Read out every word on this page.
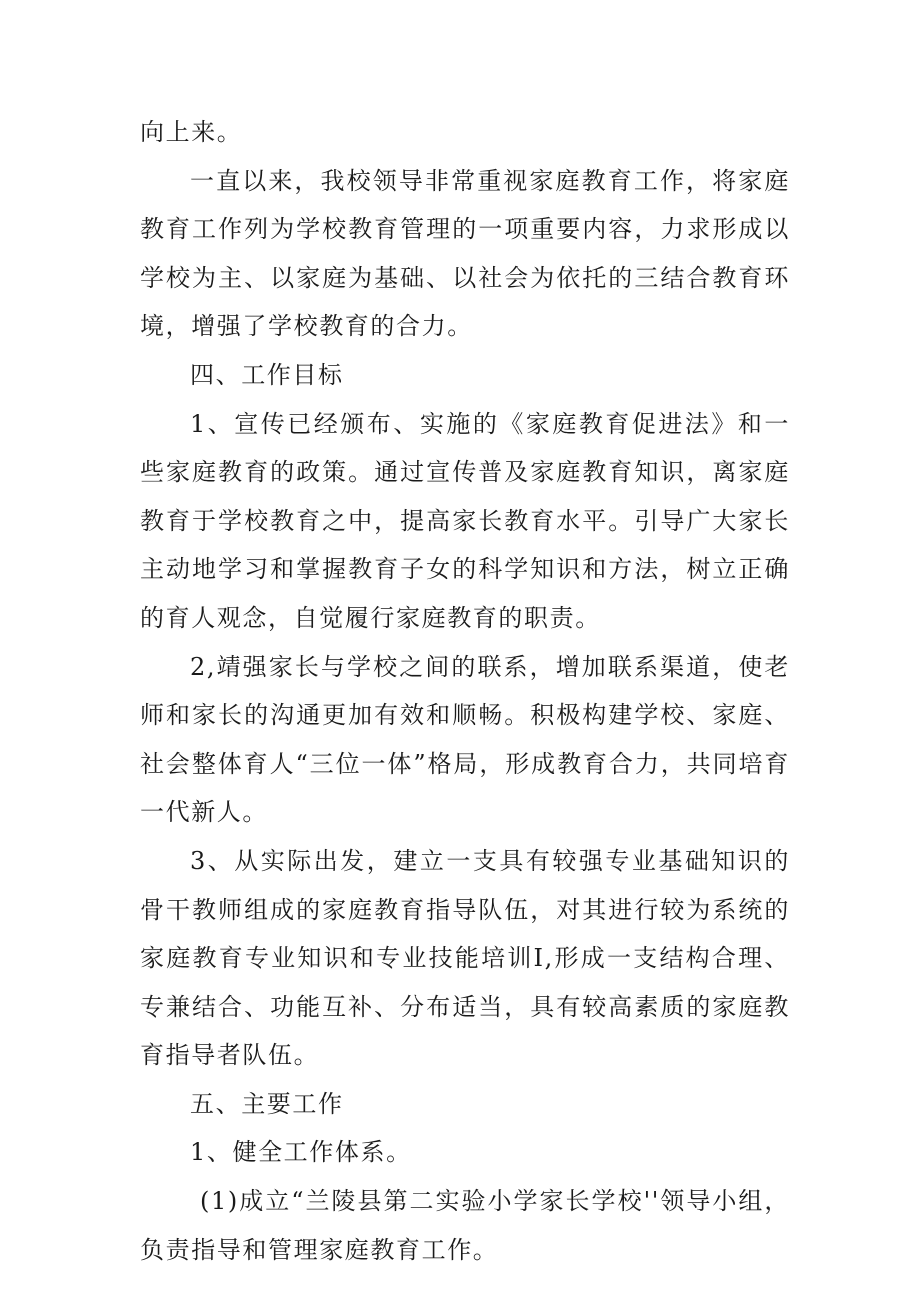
向上来。

一直以来，我校领导非常重视家庭教育工作，将家庭教育工作列为学校教育管理的一项重要内容，力求形成以学校为主、以家庭为基础、以社会为依托的三结合教育环境，增强了学校教育的合力。

四、工作目标

1、宣传已经颁布、实施的《家庭教育促进法》和一些家庭教育的政策。通过宣传普及家庭教育知识，离家庭教育于学校教育之中，提高家长教育水平。引导广大家长主动地学习和掌握教育子女的科学知识和方法，树立正确的育人观念，自觉履行家庭教育的职责。

2,靖强家长与学校之间的联系，增加联系渠道，使老师和家长的沟通更加有效和顺畅。积极构建学校、家庭、社会整体育人“三位一体”格局，形成教育合力，共同培育一代新人。

3、从实际出发，建立一支具有较强专业基础知识的骨干教师组成的家庭教育指导队伍，对其进行较为系统的家庭教育专业知识和专业技能培训I,形成一支结构合理、专兼结合、功能互补、分布适当，具有较高素质的家庭教育指导者队伍。

五、主要工作

1、健全工作体系。

(1)成立“兰陵县第二实验小学家长学校''领导小组，负责指导和管理家庭教育工作。
